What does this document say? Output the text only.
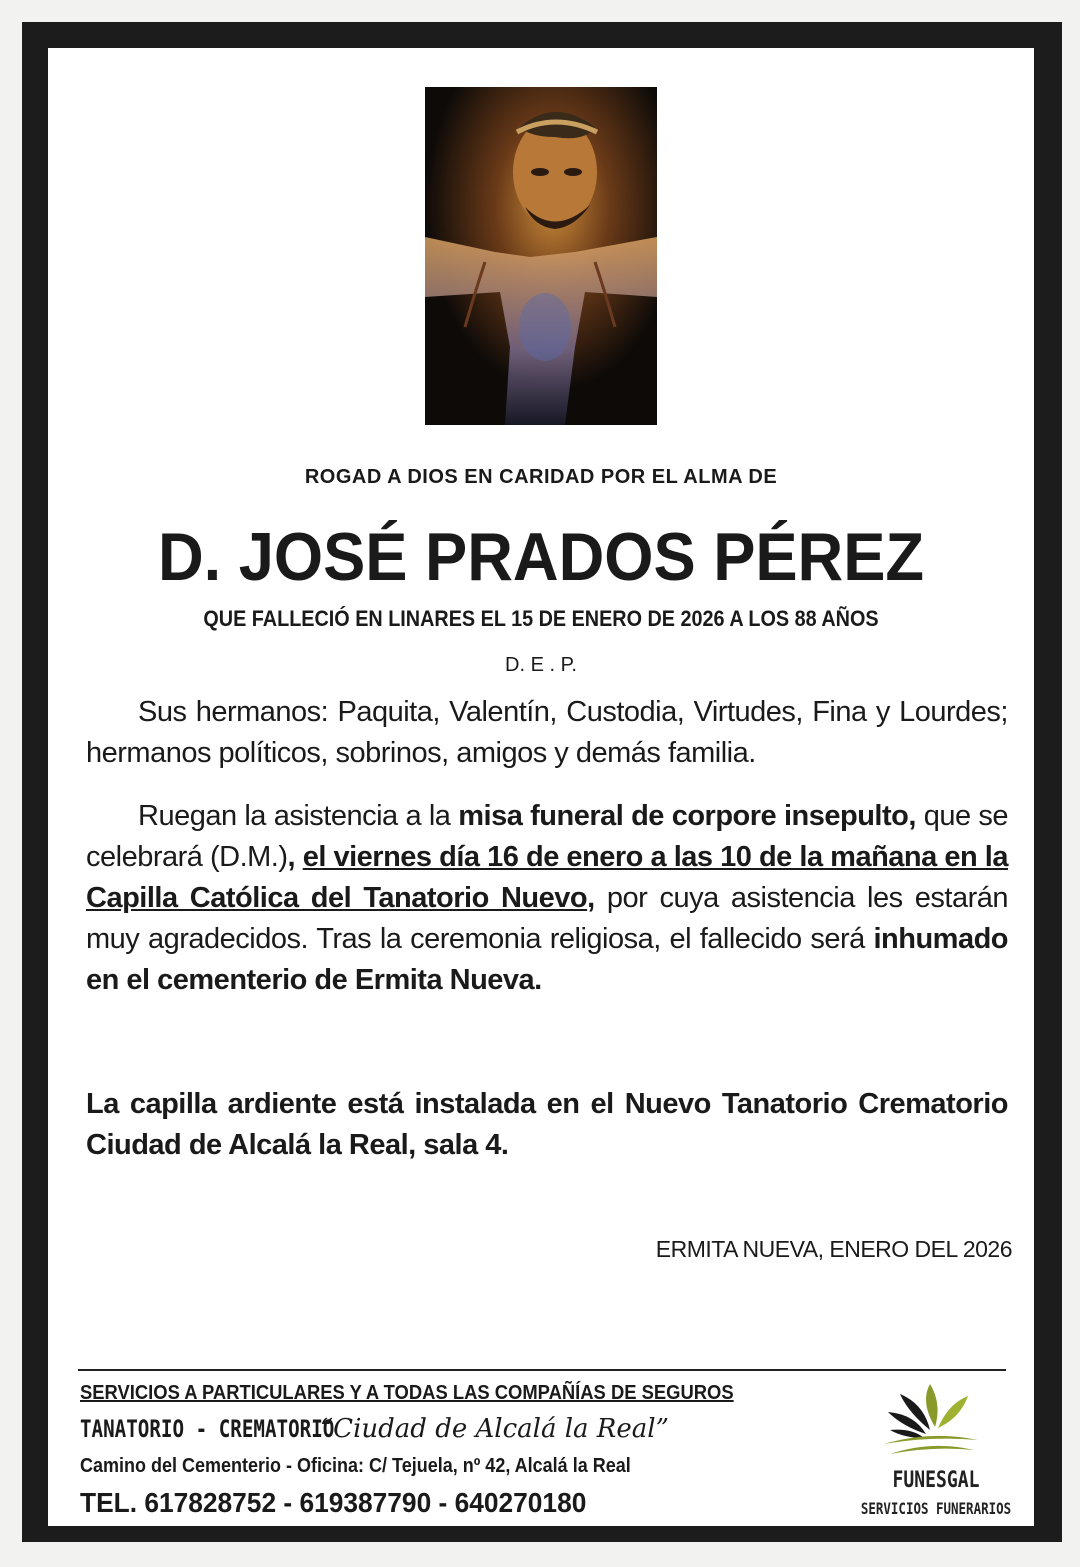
ROGAD A DIOS EN CARIDAD POR EL ALMA DE
D. JOSÉ PRADOS PÉREZ
QUE FALLECIÓ EN LINARES EL 15 DE ENERO DE 2026 A LOS 88 AÑOS
D. E . P.
Sus hermanos: Paquita, Valentín, Custodia, Virtudes, Fina y Lourdes; hermanos políticos, sobrinos, amigos y demás familia.
Ruegan la asistencia a la misa funeral de corpore insepulto, que se celebrará (D.M.), el viernes día 16 de enero a las 10 de la mañana en la Capilla Católica del Tanatorio Nuevo, por cuya asistencia les estarán muy agradecidos. Tras la ceremonia religiosa, el fallecido será inhumado en el cementerio de Ermita Nueva.
La capilla ardiente está instalada en el Nuevo Tanatorio Crematorio Ciudad de Alcalá la Real, sala 4.
ERMITA NUEVA, ENERO DEL 2026
SERVICIOS A PARTICULARES Y A TODAS LAS COMPAÑÍAS DE SEGUROS
TANATORIO - CREMATORIO“Ciudad de Alcalá la Real”
Camino del Cementerio - Oficina: C/ Tejuela, nº 42, Alcalá la Real
TEL. 617828752 - 619387790 - 640270180
FUNESGAL
SERVICIOS FUNERARIOS
